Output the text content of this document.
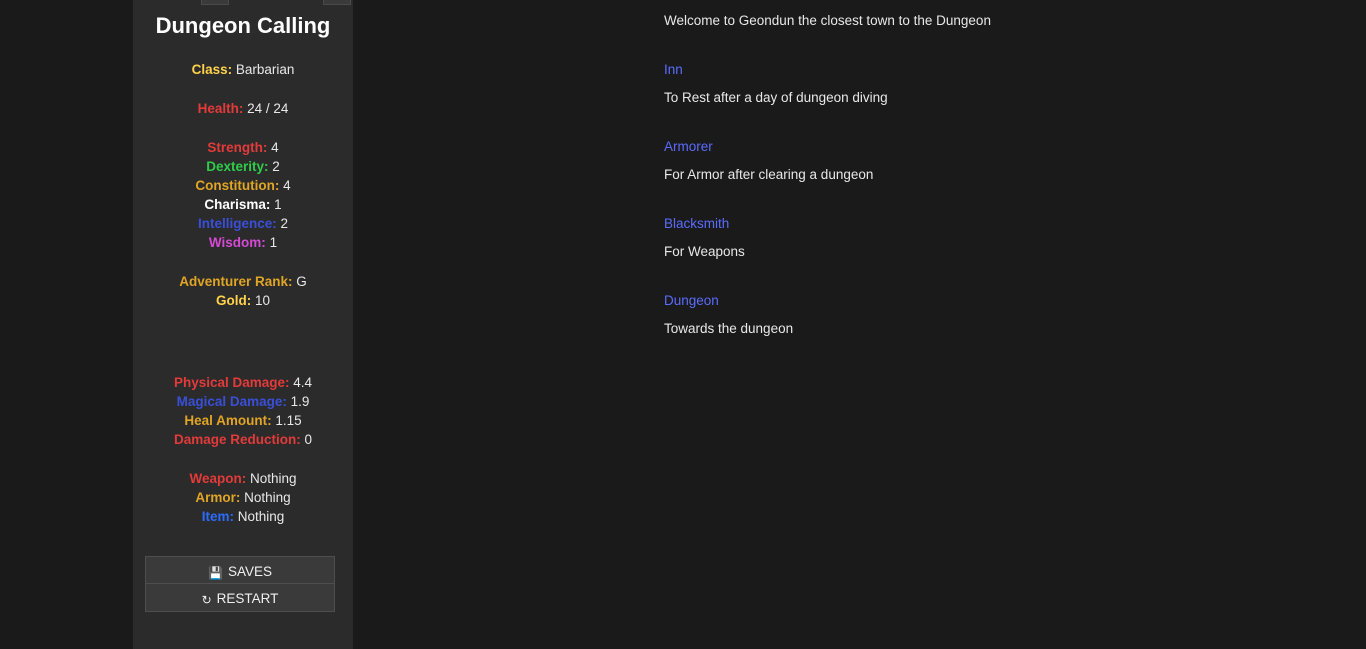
Dungeon Calling
Class: Barbarian
Health: 24 / 24
Strength: 4
Dexterity: 2
Constitution: 4
Charisma: 1
Intelligence: 2
Wisdom: 1
Adventurer Rank: G
Gold: 10
Physical Damage: 4.4
Magical Damage: 1.9
Heal Amount: 1.15
Damage Reduction: 0
Weapon: Nothing
Armor: Nothing
Item: Nothing
💾 SAVES
↻ RESTART
Welcome to Geondun the closest town to the Dungeon
Inn
To Rest after a day of dungeon diving
Armorer
For Armor after clearing a dungeon
Blacksmith
For Weapons
Dungeon
Towards the dungeon
